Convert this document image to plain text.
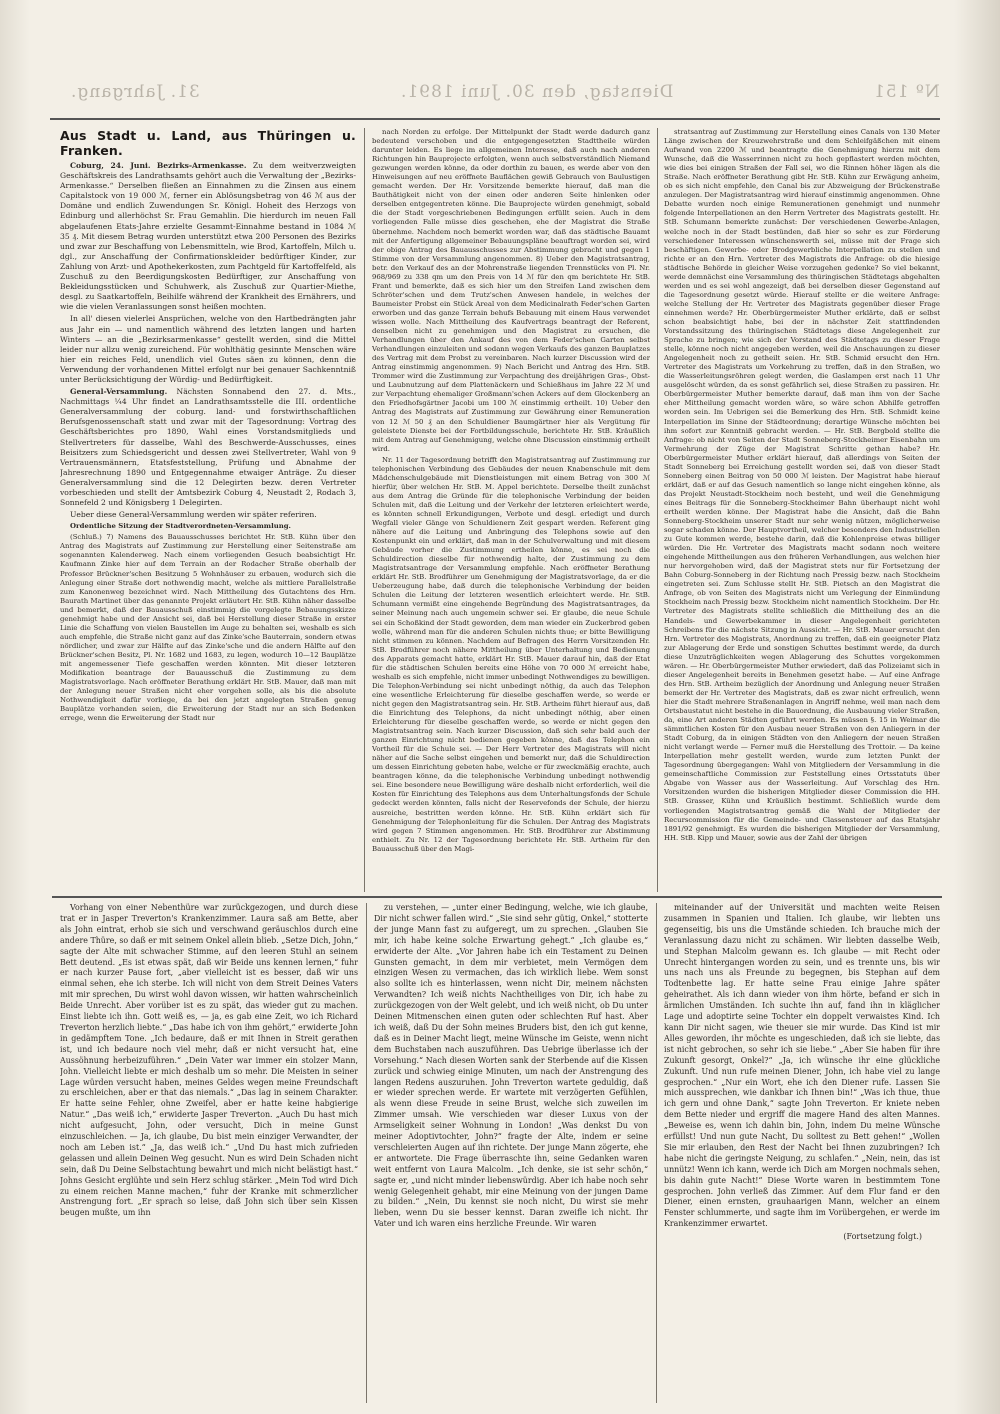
31. Jahrgang.	Dienstag, den 30. Juni 1891.	Nº 151
Aus Stadt u. Land, aus Thüringen u. Franken.

Coburg, 24. Juni. Bezirks-Armenkasse. Zu dem weitverzweigten Geschäftskreis des Landrathsamts gehört auch die Verwaltung der „Bezirks-Armenkasse.“ Derselben fließen an Einnahmen zu die Zinsen aus einem Capitalstock von 19 000 ℳ, ferner ein Ablösungsbetrag von 46 ℳ aus der Domäne und endlich Zuwendungen Sr. Königl. Hoheit des Herzogs von Edinburg und allerhöchst Sr. Frau Gemahlin. Die hierdurch im neuen Fall abgelaufenen Etats-Jahre erzielte Gesammt-Einnahme bestand in 1084 ℳ 35 ₰. Mit diesem Betrag wurden unterstützt etwa 200 Personen des Bezirks und zwar zur Beschaffung von Lebensmitteln, wie Brod, Kartoffeln, Milch u. dgl., zur Anschaffung der Confirmationskleider bedürftiger Kinder, zur Zahlung von Arzt- und Apothekerkosten, zum Pachtgeld für Kartoffelfeld, als Zuschuß zu den Beerdigungskosten Bedürftiger, zur Anschaffung von Bekleidungsstücken und Schuhwerk, als Zuschuß zur Quartier-Miethe, desgl. zu Saatkartoffeln, Beihilfe während der Krankheit des Ernährers, und wie die vielen Veranlassungen sonst heißen mochten.

In all' diesen vielerlei Ansprüchen, welche von den Hartbedrängten jahr aus Jahr ein — und namentlich während des letzten langen und harten Winters — an die „Bezirksarmenkasse“ gestellt werden, sind die Mittel leider nur allzu wenig zureichend. Für wohlthätig gesinnte Menschen wäre hier ein reiches Feld, unendlich viel Gutes säen zu können, denn die Verwendung der vorhandenen Mittel erfolgt nur bei genauer Sachkenntniß unter Berücksichtigung der Würdig- und Bedürftigkeit.

General-Versammlung. Nächsten Sonnabend den 27. d. Mts., Nachmittags ¼4 Uhr findet an Landrathsamtsstelle die III. ordentliche Generalversammlung der coburg. land- und forstwirthschaftlichen Berufsgenossenschaft statt und zwar mit der Tagesordnung: Vortrag des Geschäftsberichtes pro 1890, Wahl eines Vorstandsmitglieds und Stellvertreters für dasselbe, Wahl des Beschwerde-Ausschusses, eines Beisitzers zum Schiedsgericht und dessen zwei Stellvertreter, Wahl von 9 Vertrauensmännern, Etatsfeststellung, Prüfung und Abnahme der Jahresrechnung 1890 und Entgegennahme etwaiger Anträge. Zu dieser Generalversammlung sind die 12 Delegirten bezw. deren Vertreter vorbeschieden und stellt der Amtsbezirk Coburg 4, Neustadt 2, Rodach 3, Sonnefeld 2 und Königsberg 1 Delegirten.

Ueber diese General-Versammlung werden wir später referiren.

Ordentliche Sitzung der Stadtverordneten-Versammlung.

(Schluß.) 7) Namens des Bauausschusses berichtet Hr. StB. Kühn über den Antrag des Magistrats auf Zustimmung zur Herstellung einer Seitenstraße am sogenannten Kalenderweg. Nach einem vorliegenden Gesuch beabsichtigt Hr. Kaufmann Zinke hier auf dem Terrain an der Rodacher Straße oberhalb der Professor Brückner'schen Besitzung 5 Wohnhäuser zu erbauen, wodurch sich die Anlegung einer Straße dort nothwendig macht, welche als mittlere Parallelstraße zum Kanonenweg bezeichnet wird. Nach Mittheilung des Gutachtens des Hrn. Baurath Martinet über das genannte Projekt erläutert Hr. StB. Kühn näher dasselbe und bemerkt, daß der Bauausschuß einstimmig die vorgelegte Bebauungsskizze genehmigt habe und der Ansicht sei, daß bei Herstellung dieser Straße in erster Linie die Schaffung von vielen Baustellen im Auge zu behalten sei, weshalb es sich auch empfehle, die Straße nicht ganz auf das Zinke'sche Bauterrain, sondern etwas nördlicher, und zwar zur Hälfte auf das Zinke'sche und die andern Hälfte auf den Brückner'schen Besitz, Pl. Nr. 1682 und 1683, zu legen, wodurch 10—12 Bauplätze mit angemessener Tiefe geschaffen werden könnten. Mit dieser letzteren Modifikation beantrage der Bauausschuß die Zustimmung zu dem Magistratsvorlage. Nach eröffneter Berathung erklärt Hr. StB. Mauer, daß man mit der Anlegung neuer Straßen nicht eher vorgehen solle, als bis die absolute Nothwendigkeit dafür vorliege, da bei den jetzt angelegten Straßen genug Bauplätze vorhanden seien, die Erweiterung der Stadt nur an sich Bedenken errege, wenn die Erweiterung der Stadt nur

nach Norden zu erfolge. Der Mittelpunkt der Stadt werde dadurch ganz bedeutend verschoben und die entgegengesetzten Stadttheile würden darunter leiden. Es liege im allgemeinen Interesse, daß auch nach anderen Richtungen hin Bauprojecte erfolgten, wenn auch selbstverständlich Niemand gezwungen werden könne, da oder dorthin zu bauen, es werde aber von den Hinweisungen auf neu eröffnete Bauflächen gewiß Gebrauch von Baulustigen gemacht werden. Der Hr. Vorsitzende bemerkte hierauf, daß man die Bauthätigkeit nicht von der einen oder anderen Seite hinlenken oder derselben entgegentreten könne. Die Bauprojecte würden genehmigt, sobald die der Stadt vorgeschriebenen Bedingungen erfüllt seien. Auch in dem vorliegenden Falle müsse dies geschehen, ehe der Magistrat die Straße übernehme. Nachdem noch bemerkt worden war, daß das städtische Bauamt mit der Anfertigung allgemeiner Bebauungspläne beauftragt worden sei, wird der obige Antrag des Bauausschusses zur Abstimmung gebracht und gegen 1 Stimme von der Versammlung angenommen. 8) Ueber den Magistratsantrag, betr. den Verkauf des an der Mohrenstraße liegenden Trennstücks von Pl. Nr. 968/969 zu 338 qm um den Preis von 14 ℳ für den qm berichtete Hr. StB. Frant und bemerkte, daß es sich hier um den Streifen Land zwischen dem Schröter'schen und dem Trutz'schen Anwesen handele, in welches der Baumeister Probst ein Stück Areal von dem Medicinalrath Feder'schen Garten erworben und das ganze Terrain behufs Bebauung mit einem Haus verwendet wissen wolle. Nach Mittheilung des Kaufvertrags beantragt der Referent, denselben nicht zu genehmigen und den Magistrat zu ersuchen, die Verhandlungen über den Ankauf des von dem Feder'schen Garten selbst Verhandlungen einzuleiten und sodann wegen Verkaufs des ganzen Bauplatzes des Vertrag mit dem Probst zu vereinbaren. Nach kurzer Discussion wird der Antrag einstimmig angenommen. 9) Nach Bericht und Antrag des Hrn. StB. Trommer wird die Zustimmung zur Verpachtung des dreijährigen Gras-, Obst- und Laubnutzung auf dem Plattenäckern und Schießhaus im Jahre 22 ℳ und zur Verpachtung ehemaliger Großmann'schen Ackers auf dem Glockenberg an den Friedhofsgärtner Jacobi um 100 ℳ einstimmig ertheilt. 10) Ueber den Antrag des Magistrats auf Zustimmung zur Gewährung einer Remuneration von 12 ℳ 50 ₰ an den Schuldiener Baumgärtner hier als Vergütung für geleistete Dienste bei der Fortbildungsschule, berichtete Hr. StB. Kräußlich mit dem Antrag auf Genehmigung, welche ohne Discussion einstimmig ertheilt wird.

Nr. 11 der Tagesordnung betrifft den Magistratsantrag auf Zustimmung zur telephonischen Verbindung des Gebäudes der neuen Knabenschule mit dem Mädchenschulgebäude mit Dienstleistungen mit einem Betrag von 300 ℳ hierfür, über welchen Hr. StB. M. Appel berichtete. Derselbe theilt zunächst aus dem Antrag die Gründe für die telephonische Verbindung der beiden Schulen mit, daß die Leitung und der Verkehr der letzteren erleichtert werde, es könnten schnell Erkundigungen, Verbote und desgl. erledigt und durch Wegfall vieler Gänge von Schuldienern Zeit gespart werden. Referent ging nähere auf die Leitung und Anbringung des Telephons sowie auf den Kostenpunkt ein und erklärt, daß man in der Schulverwaltung und mit diesem Gebäude vorher die Zustimmung ertheilen könne, es sei noch die Schuldirection dieselbe für nothwendig halte, der Zustimmung zu dem Magistratsantrage der Versammlung empfehle. Nach eröffneter Berathung erklärt Hr. StB. Brodführer um Genehmigung der Magistratsvorlage, da er die Ueberzeugung habe, daß durch die telephonische Verbindung der beiden Schulen die Leitung der letzteren wesentlich erleichtert werde. Hr. StB. Schumann vermißt eine eingehende Begründung des Magistratsantrages, da seiner Meinung nach auch ungemein schwer sei. Er glaube, die neue Schule sei ein Schoßkind der Stadt geworden, dem man wieder ein Zuckerbrod geben wolle, während man für die anderen Schulen nichts thue; er bitte Bewilligung nicht stimmen zu können. Nachdem auf Befragen des Herrn Vorsitzenden Hr. StB. Brodführer noch nähere Mittheilung über Unterhaltung und Bedienung des Apparats gemacht hatte, erklärt Hr. StB. Mauer darauf hin, daß der Etat für die städtischen Schulen bereits eine Höhe von 70 000 ℳ erreicht habe, weshalb es sich empfehle, nicht immer unbedingt Nothwendiges zu bewilligen. Die Telephon-Verbindung sei nicht unbedingt nöthig, da auch das Telephon eine wesentliche Erleichterung für dieselbe geschaffen werde, so werde er nicht gegen den Magistratsantrag sein. Hr. StB. Artheim führt hierauf aus, daß die Einrichtung des Telephons, da nicht unbedingt nöthig, aber einen Erleichterung für dieselbe geschaffen werde, so werde er nicht gegen den Magistratsantrag sein. Nach kurzer Discussion, daß sich sehr bald auch der ganzen Einrichtung nicht bedienen gegeben könne, daß das Telephon ein Vortheil für die Schule sei. — Der Herr Vertreter des Magistrats will nicht näher auf die Sache selbst eingehen und bemerkt nur, daß die Schuldirection um dessen Einrichtung gebeten habe, welche er für zweckmäßig erachte, auch beantragen könne, da die telephonische Verbindung unbedingt nothwendig sei. Eine besondere neue Bewilligung wäre deshalb nicht erforderlich, weil die Kosten für Einrichtung des Telephons aus dem Unterhaltungsfonds der Schule gedeckt werden könnten, falls nicht der Reservefonds der Schule, der hierzu ausreiche, bestritten werden könne. Hr. StB. Kühn erklärt sich für Genehmigung der Telephonleitung für die Schulen. Der Antrag des Magistrats wird gegen 7 Stimmen angenommen. Hr. StB. Brodführer zur Abstimmung enthielt. Zu Nr. 12 der Tagesordnung berichtete Hr. StB. Artheim für den Bauausschuß über den Magi-

stratsantrag auf Zustimmung zur Herstellung eines Canals von 130 Meter Länge zwischen der Kreuzwehrstraße und dem Schleifgäßchen mit einem Aufwand von 2200 ℳ und beantragte die Genehmigung hierzu mit dem Wunsche, daß die Wasserrinnen nicht zu hoch gepflastert werden möchten, wie dies bei einigen Straßen der Fall sei, wo die Rinnen höher lägen als die Straße. Nach eröffneter Berathung gibt Hr. StB. Kühn zur Erwägung anheim, ob es sich nicht empfehle, den Canal bis zur Abzweigung der Brückenstraße anzulegen. Der Magistratsantrag wird hierauf einstimmig angenommen. Ohne Debatte wurden noch einige Remunerationen genehmigt und nunmehr folgende Interpellationen an den Herrn Vertreter des Magistrats gestellt. Hr. StB. Schumann bemerkte zunächst: Der verschiedenen Gewerbe-Anlagen, welche noch in der Stadt bestünden, daß hier so sehr es zur Förderung verschiedener Interessen wünschenswerth sei, müsse mit der Frage sich beschäftigen. Gewerbe- oder Brodgewerbliche Interpellation zu stellen und richte er an den Hrn. Vertreter des Magistrats die Anfrage: ob die hiesige städtische Behörde in gleicher Weise vorzugehen gedenke? So viel bekannt, werde demnächst eine Versammlung des thüringischen Städtetags abgehalten werden und es sei wohl angezeigt, daß bei derselben dieser Gegenstand auf die Tagesordnung gesetzt würde. Hierauf stellte er die weitere Anfrage: welche Stellung der Hr. Vertreter des Magistrats gegenüber dieser Frage einnehmen werde? Hr. Oberbürgermeister Muther erklärte, daß er selbst schon beabsichtigt habe, bei der in nächster Zeit stattfindenden Vorstandssitzung des thüringischen Städtetags diese Angelegenheit zur Sprache zu bringen; wie sich der Vorstand des Städtetags zu dieser Frage stelle, könne noch nicht angegeben werden, weil die Anschauungen zu dieser Angelegenheit noch zu getheilt seien. Hr. StB. Schmid ersucht den Hrn. Vertreter des Magistrats um Vorkehrung zu treffen, daß in den Straßen, wo die Wasserleitungsröhren gelegt werden, die Gaslampen erst nach 11 Uhr ausgelöscht würden, da es sonst gefährlich sei, diese Straßen zu passiren. Hr. Oberbürgermeister Muther bemerkte darauf, daß man ihm von der Sache eher Mittheilung gemacht worden wäre, so wäre schon Abhilfe getroffen worden sein. Im Uebrigen sei die Bemerkung des Hrn. StB. Schmidt keine Interpellation im Sinne der Städteordnung; derartige Wünsche möchten bei ihm sofort zur Kenntniß gebracht werden. — Hr. StB. Bergbold stellte die Anfrage: ob nicht von Seiten der Stadt Sonneberg-Stockheimer Eisenbahn um Vermehrung der Züge der Magistrat Schritte gethan habe? Hr. Oberbürgermeister Muther erklärt hierauf, daß allerdings von Seiten der Stadt Sonneberg bei Erreichung gestellt worden sei, daß von dieser Stadt Sonneberg einen Beitrag von 50 000 ℳ leisten. Der Magistrat habe hierauf erklärt, daß er auf das Gesuch namentlich so lange nicht eingehen könne, als das Projekt Neustadt-Stockheim noch besteht, und weil die Genehmigung eines Beitrags für die Sonneberg-Stockheimer Bahn überhaupt nicht wohl ertheilt werden könne. Der Magistrat habe die Ansicht, daß die Bahn Sonneberg-Stockheim unserer Stadt nur sehr wenig nützen, möglicherweise sogar schaden könne. Der Hauptvortheil, welcher besonders den Industriellen zu Gute kommen werde, bestehe darin, daß die Kohlenpreise etwas billiger würden. Die Hr. Vertreter des Magistrats macht sodann noch weitere eingehende Mittheilungen aus den früheren Verhandlungen, aus welchen hier nur hervorgehoben wird, daß der Magistrat stets nur für Fortsetzung der Bahn Coburg-Sonneberg in der Richtung nach Pressig bezw. nach Stockheim eingetreten sei. Zum Schlusse stellt Hr. StB. Pietsch an den Magistrat die Anfrage, ob von Seiten des Magistrats nicht um Verlegung der Einmündung Stockheim nach Pressig bezw. Stockheim nicht namentlich Stockheim. Der Hr. Vertreter des Magistrats stellte schließlich die Mittheilung des an die Handels- und Gewerbekammer in dieser Angelegenheit gerichteten Schreibens für die nächste Sitzung in Aussicht. — Hr. StB. Mauer ersucht den Hrn. Vertreter des Magistrats, Anordnung zu treffen, daß ein geeigneter Platz zur Ablagerung der Erde und sonstigen Schuttes bestimmt werde, da durch diese Unzuträglichkeiten wegen Ablagerung des Schuttes vorgekommen wären. — Hr. Oberbürgermeister Muther erwiedert, daß das Polizeiamt sich in dieser Angelegenheit bereits in Benehmen gesetzt habe. — Auf eine Anfrage des Hrn. StB. Artheim bezüglich der Anordnung und Anlegung neuer Straßen bemerkt der Hr. Vertreter des Magistrats, daß es zwar nicht erfreulich, wenn hier die Stadt mehrere Straßenanlagen in Angriff nehme, weil man nach dem Ortsbaustatut nicht bestehe in die Bauordnung, die Ausbauung vieler Straßen, da, eine Art anderen Städten geführt werden. Es müssen §. 15 in Weimar die sämmtlichen Kosten für den Ausbau neuer Straßen von den Anliegern in der Stadt Coburg, da in einigen Städten von den Anliegern der neuen Straßen nicht verlangt werde — Ferner muß die Herstellung des Trottoir. — Da keine Interpellation mehr gestellt werden, wurde zum letzten Punkt der Tagesordnung übergegangen: Wahl von Mitgliedern der Versammlung in die gemeinschaftliche Commission zur Feststellung eines Ortsstatuts über Abgabe von Wasser aus der Wasserleitung. Auf Vorschlag des Hrn. Vorsitzenden wurden die bisherigen Mitglieder dieser Commission die HH. StB. Grasser, Kühn und Kräußlich bestimmt. Schließlich wurde dem vorliegenden Magistratsantrag gemäß die Wahl der Mitglieder der Recurscommission für die Gemeinde- und Classensteuer auf das Etatsjahr 1891/92 genehmigt. Es wurden die bisherigen Mitglieder der Versammlung, HH. StB. Kipp und Mauer, sowie aus der Zahl der übrigen

Vorhang von einer Nebenthüre war zurückgezogen, und durch diese trat er in Jasper Treverton's Krankenzimmer. Laura saß am Bette, aber als John eintrat, erhob sie sich und verschwand geräuschlos durch eine andere Thüre, so daß er mit seinem Onkel allein blieb. „Setze Dich, John,“ sagte der Alte mit schwacher Stimme, auf den leeren Stuhl an seinem Bett deutend. „Es ist etwas spät, daß wir Beide uns kennen lernen,“ fuhr er nach kurzer Pause fort, „aber vielleicht ist es besser, daß wir uns einmal sehen, ehe ich sterbe. Ich will nicht von dem Streit Deines Vaters mit mir sprechen, Du wirst wohl davon wissen, wir hatten wahrscheinlich Beide Unrecht. Aber vorüber ist es zu spät, das wieder gut zu machen. Einst liebte ich ihn. Gott weiß es, — ja, es gab eine Zeit, wo ich Richard Treverton herzlich liebte.“ „Das habe ich von ihm gehört,“ erwiderte John in gedämpftem Tone. „Ich bedaure, daß er mit Ihnen in Streit gerathen ist, und ich bedaure noch viel mehr, daß er nicht versucht hat, eine Aussöhnung herbeizuführen.“ „Dein Vater war immer ein stolzer Mann, John. Vielleicht liebte er mich deshalb um so mehr. Die Meisten in seiner Lage würden versucht haben, meines Geldes wegen meine Freundschaft zu erschleichen, aber er that das niemals.“ „Das lag in seinem Charakter. Er hatte seine Fehler, ohne Zweifel, aber er hatte keine habgierige Natur.“ „Das weiß ich,“ erwiderte Jasper Treverton. „Auch Du hast mich nicht aufgesucht, John, oder versucht, Dich in meine Gunst einzuschleichen. — Ja, ich glaube, Du bist mein einziger Verwandter, der noch am Leben ist.“ „Ja, das weiß ich.“ „Und Du hast mich zufrieden gelassen und allein Deinen Weg gesucht. Nun es wird Dein Schaden nicht sein, daß Du Deine Selbstachtung bewahrt und mich nicht belästigt hast.“ Johns Gesicht erglühte und sein Herz schlug stärker. „Mein Tod wird Dich zu einem reichen Manne machen,“ fuhr der Kranke mit schmerzlicher Anstrengung fort. „Er sprach so leise, daß John sich über sein Kissen beugen mußte, um ihn

zu verstehen, — „unter einer Bedingung, welche, wie ich glaube, Dir nicht schwer fallen wird.“ „Sie sind sehr gütig, Onkel,“ stotterte der junge Mann fast zu aufgeregt, um zu sprechen. „Glauben Sie mir, ich habe keine solche Erwartung gehegt.“ „Ich glaube es,“ erwiderte der Alte. „Vor Jahren habe ich ein Testament zu Deinen Gunsten gemacht, in dem mir verbietet, mein Vermögen dem einzigen Wesen zu vermachen, das ich wirklich liebe. Wem sonst also sollte ich es hinterlassen, wenn nicht Dir, meinem nächsten Verwandten? Ich weiß nichts Nachtheiliges von Dir, ich habe zu zurückgezogen von der Welt gelebt, und ich weiß nicht, ob Du unter Deinen Mitmenschen einen guten oder schlechten Ruf hast. Aber ich weiß, daß Du der Sohn meines Bruders bist, den ich gut kenne, daß es in Deiner Macht liegt, meine Wünsche im Geiste, wenn nicht dem Buchstaben nach auszuführen. Das Uebrige überlasse ich der Vorsehung.“ Nach diesen Worten sank der Sterbende auf die Kissen zurück und schwieg einige Minuten, um nach der Anstrengung des langen Redens auszuruhen. John Treverton wartete geduldig, daß er wieder sprechen werde. Er wartete mit verzögerten Gefühlen, als wenn diese Freude in seine Brust, welche sich zuweilen im Zimmer umsah. Wie verschieden war dieser Luxus von der Armseligkeit seiner Wohnung in London! „Was denkst Du von meiner Adoptivtochter, John?“ fragte der Alte, indem er seine verschleierten Augen auf ihn richtete. Der junge Mann zögerte, ehe er antwortete. Die Frage überraschte ihn, seine Gedanken waren weit entfernt von Laura Malcolm. „Ich denke, sie ist sehr schön,“ sagte er, „und nicht minder liebenswürdig. Aber ich habe noch sehr wenig Gelegenheit gehabt, mir eine Meinung von der jungen Dame zu bilden.“ „Nein, Du kennst sie noch nicht, Du wirst sie mehr lieben, wenn Du sie besser kennst. Daran zweifle ich nicht. Ihr Vater und ich waren eins herzliche Freunde. Wir waren

miteinander auf der Universität und machten weite Reisen zusammen in Spanien und Italien. Ich glaube, wir liebten uns gegenseitig, bis uns die Umstände schieden. Ich brauche mich der Veranlassung dazu nicht zu schämen. Wir liebten dasselbe Weib, und Stephan Malcolm gewann es. Ich glaube — mit Recht oder Unrecht hintergangen worden zu sein, und es trennte uns, bis wir uns nach uns als Freunde zu begegnen, bis Stephan auf dem Todtenbette lag. Er hatte seine Frau einige Jahre später geheirathet. Als ich dann wieder von ihm hörte, befand er sich in ärmlichen Umständen. Ich suchte ihn auf, fand ihn in kläglicher Lage und adoptirte seine Tochter ein doppelt verwaistes Kind. Ich kann Dir nicht sagen, wie theuer sie mir wurde. Das Kind ist mir Alles geworden, ihr möchte es ungeschieden, daß ich sie liebte, das ist nicht gebrochen, so sehr ich sie liebe.“ „Aber Sie haben für ihre Zukunft gesorgt, Onkel?“ „Ja, ich wünsche ihr eine glückliche Zukunft. Und nun rufe meinen Diener, John, ich habe viel zu lange gesprochen.“ „Nur ein Wort, ehe ich den Diener rufe. Lassen Sie mich aussprechen, wie dankbar ich Ihnen bin!“ „Was ich thue, thue ich gern und ohne Dank,“ sagte John Treverton. Er kniete neben dem Bette nieder und ergriff die magere Hand des alten Mannes. „Beweise es, wenn ich dahin bin, John, indem Du meine Wünsche erfüllst! Und nun gute Nacht, Du solltest zu Bett gehen!“ „Wollen Sie mir erlauben, den Rest der Nacht bei Ihnen zuzubringen? Ich habe nicht die geringste Neigung, zu schlafen.“ „Nein, nein, das ist unnütz! Wenn ich kann, werde ich Dich am Morgen nochmals sehen, bis dahin gute Nacht!“ Diese Worte waren in bestimmtem Tone gesprochen. John verließ das Zimmer. Auf dem Flur fand er den Diener, einen ernsten, grauhaarigen Mann, welcher an einem Fenster schlummerte, und sagte ihm im Vorübergehen, er werde im Krankenzimmer erwartet.

(Fortsetzung folgt.)
